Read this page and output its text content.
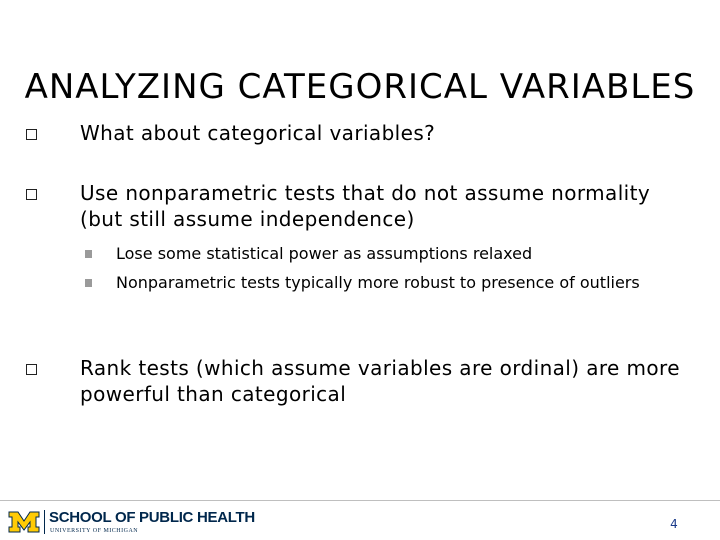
ANALYZING CATEGORICAL VARIABLES
What about categorical variables?
Use nonparametric tests that do not assume normality (but still assume independence)
Lose some statistical power as assumptions relaxed
Nonparametric tests typically more robust to presence of outliers
Rank tests (which assume variables are ordinal) are more powerful than categorical
SCHOOL OF PUBLIC HEALTH
UNIVERSITY OF MICHIGAN	4
